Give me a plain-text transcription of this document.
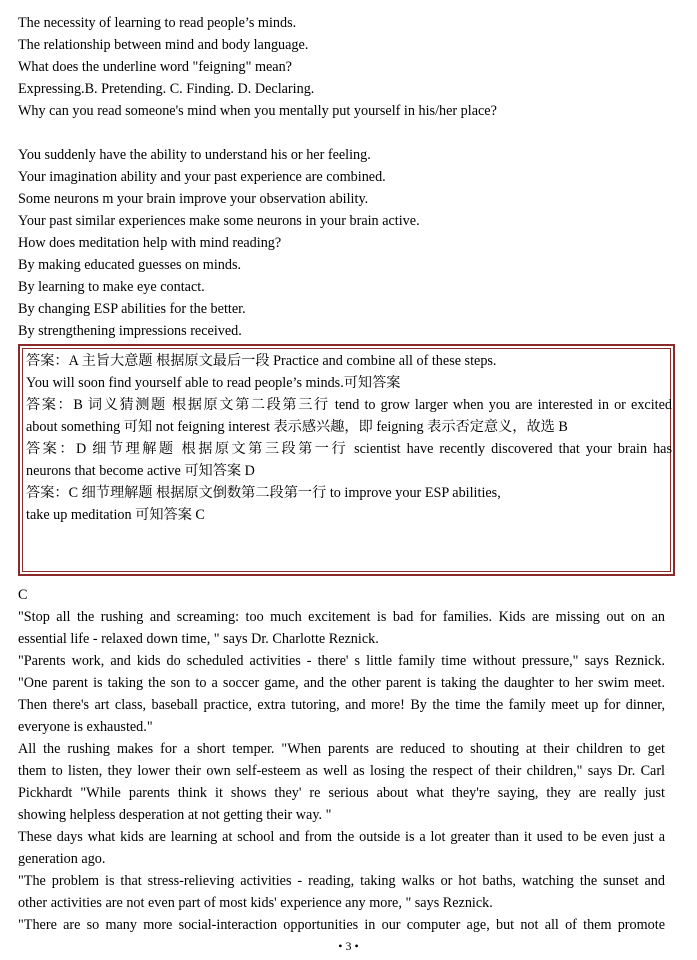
The necessity of learning to read people’s minds.
The relationship between mind and body language.
What does the underline word "feigning" mean?
Expressing.B. Pretending. C. Finding. D. Declaring.
Why can you read someone's mind when you mentally put yourself in his/her place?
You suddenly have the ability to understand his or her feeling.
Your imagination ability and your past experience are combined.
Some neurons m your brain improve your observation ability.
Your past similar experiences make some neurons in your brain active.
How does meditation help with mind reading?
By making educated guesses on minds.
By learning to make eye contact.
By changing ESP abilities for the better.
By strengthening impressions received.
答案：A 主旨大意题 根据原文最后一段 Practice and combine all of these steps.
You will soon find yourself able to read people’s minds.可知答案
答案：B 词义猜测题 根据原文第二段第三行 tend to grow larger when you are interested in or excited
about something 可知 not feigning interest 表示感兴趣，即 feigning 表示否定意义，故选 B
答案：D 细节理解题 根据原文第三段第一行 scientist have recently discovered that your brain has
neurons that become active 可知答案 D
答案：C 细节理解题 根据原文倒数第二段第一行 to improve your ESP abilities,
take up meditation 可知答案 C
C
"Stop all the rushing and screaming: too much excitement is bad for families. Kids are missing out on an
essential life - relaxed down time, " says Dr. Charlotte Reznick.
"Parents work, and kids do scheduled activities - there' s little family time without pressure," says Reznick.
"One parent is taking the son to a soccer game, and the other parent is taking the daughter to her swim meet.
Then there's art class, baseball practice, extra tutoring, and more! By the time the family meet up for dinner,
everyone is exhausted."
All the rushing makes for a short temper. "When parents are reduced to shouting at their children to get
them to listen, they lower their own self-esteem as well as losing the respect of their children," says Dr. Carl
Pickhardt "While parents think it shows they' re serious about what they're saying, they are really just
showing helpless desperation at not getting their way. "
These days what kids are learning at school and from the outside is a lot greater than it used to be even just a
generation ago.
"The problem is that stress-relieving activities - reading, taking walks or hot baths, watching the sunset and
other activities are not even part of most kids' experience any more, " says Reznick.
"There are so many more social-interaction opportunities in our computer age, but not all of them promote
• 3 •
